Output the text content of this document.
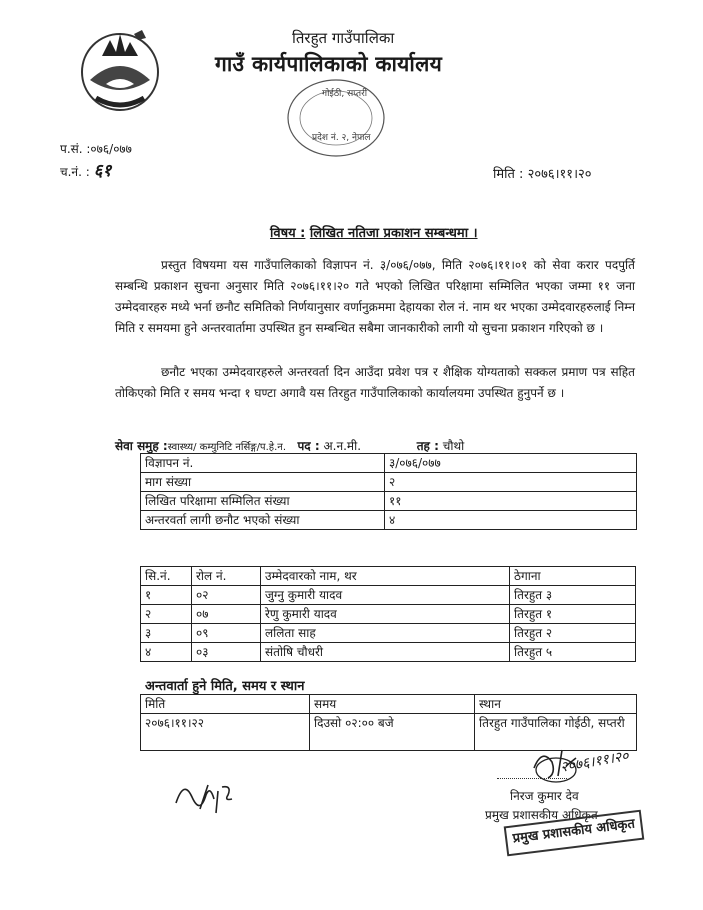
तिरहुत गाउँपालिका
गाउँ कार्यपालिकाको कार्यालय
गोईठी, सप्तरी
प्रदेश नं. २, नेपाल
प.सं. :०७६/०७७
च.नं. : ६१	मिति : २०७६।११।२०
विषय : लिखित नतिजा प्रकाशन सम्बन्धमा ।

प्रस्तुत विषयमा यस गाउँपालिकाको विज्ञापन नं. ३/०७६/०७७, मिति २०७६।११।०१ को सेवा करार पदपुर्ति सम्बन्धि प्रकाशन सुचना अनुसार मिति २०७६।११।२० गते भएको लिखित परिक्षामा सम्मिलित भएका जम्मा ११ जना उम्मेदवारहरु मध्ये भर्ना छनौट समितिको निर्णयानुसार वर्णानुक्रममा देहायका रोल नं. नाम थर भएका उम्मेदवारहरुलाई निम्न मिति र समयमा हुने अन्तरवार्तामा उपस्थित हुन सम्बन्धित सबैमा जानकारीको लागी यो सुचना प्रकाशन गरिएको छ ।

छनौट भएका उम्मेदवारहरुले अन्तरवर्ता दिन आउँदा प्रवेश पत्र र शैक्षिक योग्यताको सक्कल प्रमाण पत्र सहित तोकिएको मिति र समय भन्दा १ घण्टा अगावै यस तिरहुत गाउँपालिकाको कार्यालयमा उपस्थित हुनुपर्ने छ ।

सेवा समुह :स्वास्थ्य/ कम्युनिटि नर्सिङ्ग/प.हे.न. पद : अ.न.मी.	तह : चौथो
विज्ञापन नं.	३/०७६/०७७
माग संख्या	२
लिखित परिक्षामा सम्मिलित संख्या	११
अन्तरवर्ता लागी छनौट भएको संख्या	४
सि.नं.	रोल नं.	उम्मेदवारको नाम, थर	ठेगाना
१	०२	जुग्नु कुमारी यादव	तिरहुत ३
२	०७	रेणु कुमारी यादव	तिरहुत १
३	०९	ललिता साह	तिरहुत २
४	०३	संतोषि चौधरी	तिरहुत ५
अन्तवार्ता हुने मिति, समय र स्थान
मिति	समय	स्थान
२०७६।११।२२	दिउसो ०२:०० बजे	तिरहुत गाउँपालिका गोईठी, सप्तरी
२०७६।११।२०
निरज कुमार देव
प्रमुख प्रशासकीय अधिकृत
प्रमुख प्रशासकीय अधिकृत
